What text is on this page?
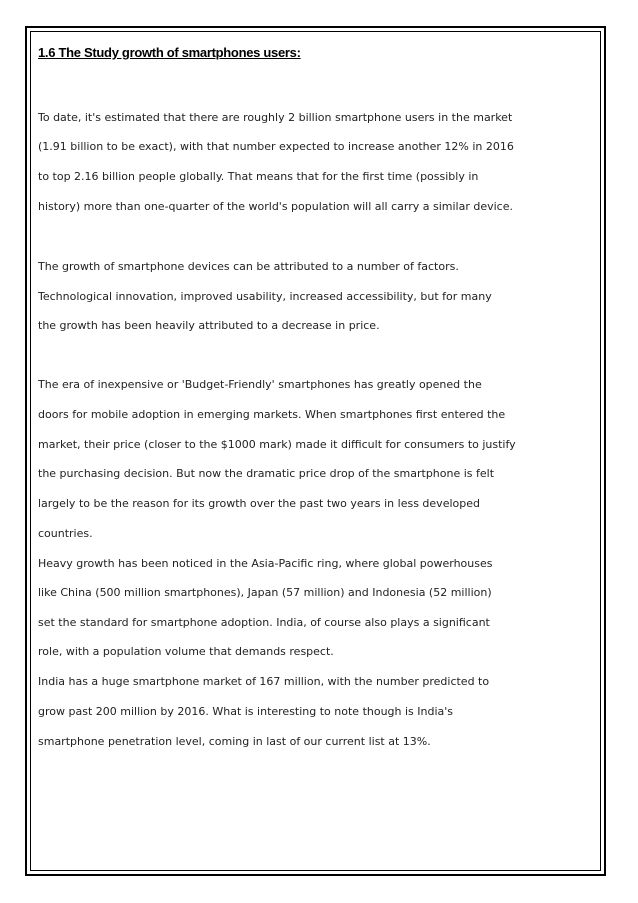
1.6 The Study growth of smartphones users:

To date, it's estimated that there are roughly 2 billion smartphone users in the market

(1.91 billion to be exact), with that number expected to increase another 12% in 2016

to top 2.16 billion people globally. That means that for the first time (possibly in

history) more than one-quarter of the world's population will all carry a similar device.

The growth of smartphone devices can be attributed to a number of factors.

Technological innovation, improved usability, increased accessibility, but for many

the growth has been heavily attributed to a decrease in price.

The era of inexpensive or 'Budget-Friendly' smartphones has greatly opened the

doors for mobile adoption in emerging markets. When smartphones first entered the

market, their price (closer to the $1000 mark) made it difficult for consumers to justify

the purchasing decision. But now the dramatic price drop of the smartphone is felt

largely to be the reason for its growth over the past two years in less developed

countries.

Heavy growth has been noticed in the Asia-Pacific ring, where global powerhouses

like China (500 million smartphones), Japan (57 million) and Indonesia (52 million)

set the standard for smartphone adoption. India, of course also plays a significant

role, with a population volume that demands respect.

India has a huge smartphone market of 167 million, with the number predicted to

grow past 200 million by 2016. What is interesting to note though is India's

smartphone penetration level, coming in last of our current list at 13%.
